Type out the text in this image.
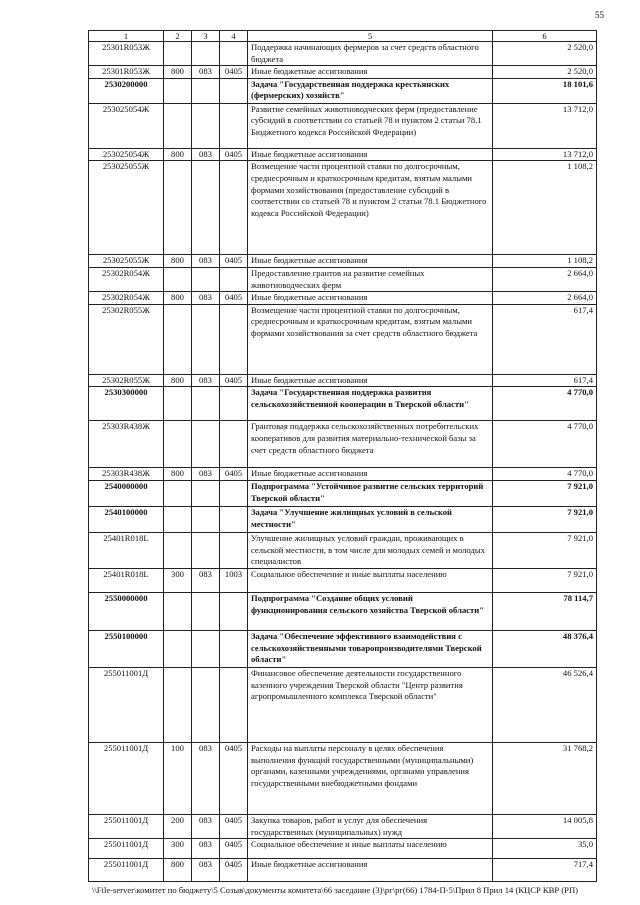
55
1	2	3	4	5	6
25301R053Ж				Поддержка начинающих фермеров за счет средств областного бюджета	2 520,0
25301R053Ж	800	083	0405	Иные бюджетные ассигнования	2 520,0
2530200000				Задача "Государственная поддержка крестьянских (фермерских) хозяйств"	18 101,6
253025054Ж				Развитие семейных животноводческих ферм (предоставление субсидий в соответствии со статьей 78 и пунктом 2 статьи 78.1 Бюджетного кодекса Российской Федерации)	13 712,0
253025054Ж	800	083	0405	Иные бюджетные ассигнования	13 712,0
253025055Ж				Возмещение части процентной ставки по долгосрочным, среднесрочным и краткосрочным кредитам, взятым малыми формами хозяйствования (предоставление субсидий в соответствии со статьей 78 и пунктом 2 статьи 78.1 Бюджетного кодекса Российской Федерации)	1 108,2
253025055Ж	800	083	0405	Иные бюджетные ассигнования	1 108,2
25302R054Ж				Предоставление грантов на развитие семейных животноводческих ферм	2 664,0
25302R054Ж	800	083	0405	Иные бюджетные ассигнования	2 664,0
25302R055Ж				Возмещение части процентной ставки по долгосрочным, среднесрочным и краткосрочным кредитам, взятым малыми формами хозяйствования за счет средств областного бюджета	617,4
25302R055Ж	800	083	0405	Иные бюджетные ассигнования	617,4
2530300000				Задача "Государственная поддержка развития сельскохозяйственной кооперации в Тверской области"	4 770,0
25303R438Ж				Грантовая поддержка сельскохозяйственных потребительских кооперативов для развития материально-технической базы за счет средств областного бюджета	4 770,0
25303R438Ж	800	083	0405	Иные бюджетные ассигнования	4 770,0
2540000000				Подпрограмма "Устойчивое развитие сельских территорий Тверской области"	7 921,0
2540100000				Задача "Улучшение жилищных условий в сельской местности"	7 921,0
25401R018L				Улучшение жилищных условий граждан, проживающих в сельской местности, в том числе для молодых семей и молодых специалистов	7 921,0
25401R018L	300	083	1003	Социальное обеспечение и иные выплаты населению	7 921,0
2550000000				Подпрограмма "Создание общих условий функционирования сельского хозяйства Тверской области"	78 114,7
2550100000				Задача "Обеспечение эффективного взаимодействия с сельскохозяйственными товаропроизводителями Тверской области"	48 376,4
255011001Д				Финансовое обеспечение деятельности государственного казенного учреждения Тверской области "Центр развития агропромышленного комплекса Тверской области"	46 526,4
255011001Д	100	083	0405	Расходы на выплаты персоналу в целях обеспечения выполнения функций государственными (муниципальными) органами, казенными учреждениями, органами управления государственными внебюджетными фондами	31 768,2
255011001Д	200	083	0405	Закупка товаров, работ и услуг для обеспечения государственных (муниципальных) нужд	14 005,8
255011001Д	300	083	0405	Социальное обеспечение и иные выплаты населению	35,0
255011001Д	800	083	0405	Иные бюджетные ассигнования	717,4
\\File-server\комитет по бюджету\5 Созыв\документы комитета\66 заседание (3)\рг\рг(66) 1784-П-5\Прил 8 Прил 14 (КЦСР КВР (РП)
